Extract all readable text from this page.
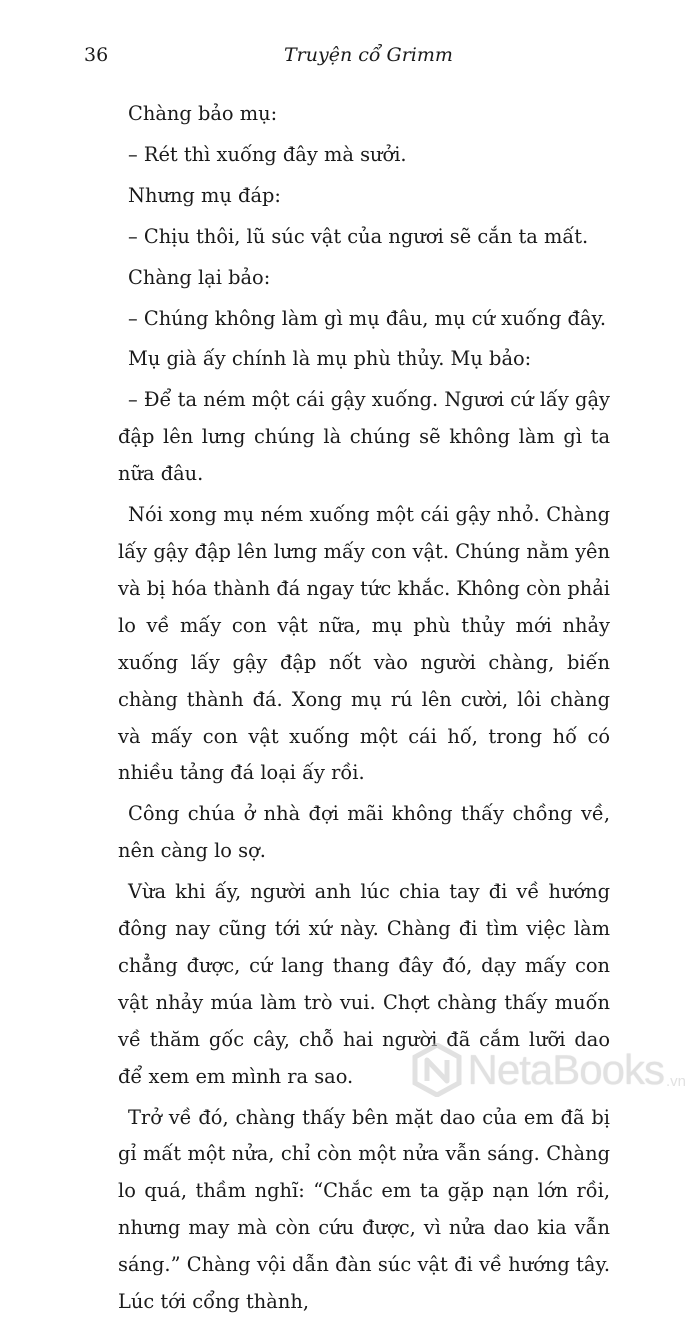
36	Truyện cổ Grimm

Chàng bảo mụ:

– Rét thì xuống đây mà sưởi.

Nhưng mụ đáp:

– Chịu thôi, lũ súc vật của ngươi sẽ cắn ta mất.

Chàng lại bảo:

– Chúng không làm gì mụ đâu, mụ cứ xuống đây.

Mụ già ấy chính là mụ phù thủy. Mụ bảo:

– Để ta ném một cái gậy xuống. Ngươi cứ lấy gậy đập lên lưng chúng là chúng sẽ không làm gì ta nữa đâu.

Nói xong mụ ném xuống một cái gậy nhỏ. Chàng lấy gậy đập lên lưng mấy con vật. Chúng nằm yên và bị hóa thành đá ngay tức khắc. Không còn phải lo về mấy con vật nữa, mụ phù thủy mới nhảy xuống lấy gậy đập nốt vào người chàng, biến chàng thành đá. Xong mụ rú lên cười, lôi chàng và mấy con vật xuống một cái hố, trong hố có nhiều tảng đá loại ấy rồi.

Công chúa ở nhà đợi mãi không thấy chồng về, nên càng lo sợ.

Vừa khi ấy, người anh lúc chia tay đi về hướng đông nay cũng tới xứ này. Chàng đi tìm việc làm chẳng được, cứ lang thang đây đó, dạy mấy con vật nhảy múa làm trò vui. Chợt chàng thấy muốn về thăm gốc cây, chỗ hai người đã cắm lưỡi dao để xem em mình ra sao.

Trở về đó, chàng thấy bên mặt dao của em đã bị gỉ mất một nửa, chỉ còn một nửa vẫn sáng. Chàng lo quá, thầm nghĩ: “Chắc em ta gặp nạn lớn rồi, nhưng may mà còn cứu được, vì nửa dao kia vẫn sáng.” Chàng vội dẫn đàn súc vật đi về hướng tây. Lúc tới cổng thành,

NetaBooks .vn
